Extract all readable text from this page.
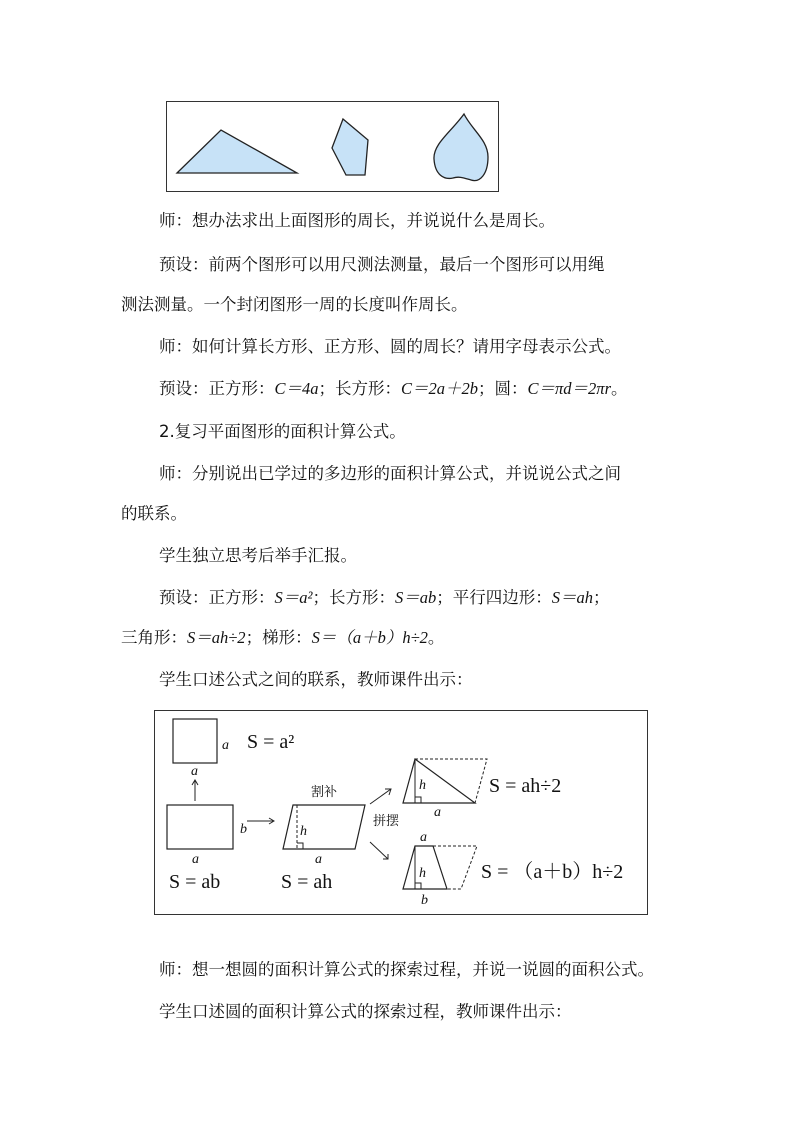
师：想办法求出上面图形的周长，并说说什么是周长。
预设：前两个图形可以用尺测法测量，最后一个图形可以用绳
测法测量。一个封闭图形一周的长度叫作周长。
师：如何计算长方形、正方形、圆的周长？请用字母表示公式。
预设：正方形：C＝4a；长方形：C＝2a＋2b；圆：C＝πd＝2πr。
2.复习平面图形的面积计算公式。
师：分别说出已学过的多边形的面积计算公式，并说说公式之间
的联系。
学生独立思考后举手汇报。
预设：正方形：S＝a²；长方形：S＝ab；平行四边形：S＝ah；
三角形：S＝ah÷2；梯形：S＝（a＋b）h÷2。
学生口述公式之间的联系，教师课件出示：
a
a
S = a²
b
a
S = ab
割补
h
a
S = ah
拼摆
h
a
S = ah÷2
a
h
b
S = （a＋b）h÷2
师：想一想圆的面积计算公式的探索过程，并说一说圆的面积公式。
学生口述圆的面积计算公式的探索过程，教师课件出示：
